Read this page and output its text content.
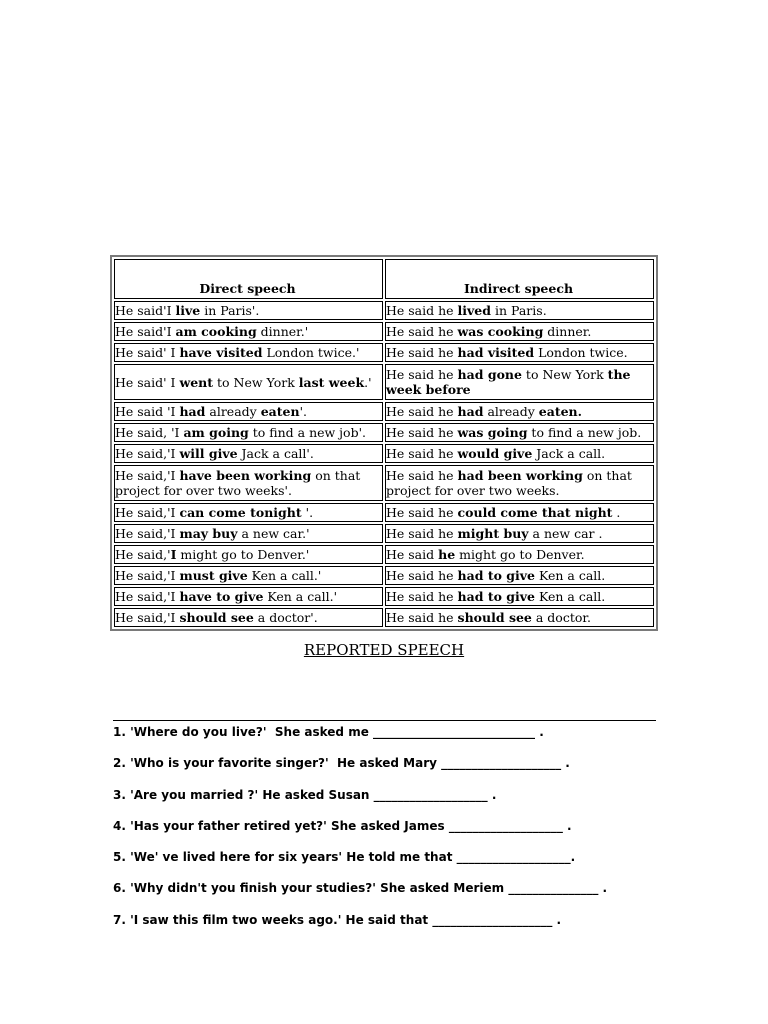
Direct speech	Indirect speech
He said'I live in Paris'.	He said he lived in Paris.
He said'I am cooking dinner.'	He said he was cooking dinner.
He said' I have visited London twice.'	He said he had visited London twice.
He said' I went to New York last week.'	He said he had gone to New York the week before
He said 'I had already eaten'.	He said he had already eaten.
He said, 'I am going to find a new job'.	He said he was going to find a new job.
He said,'I will give Jack a call'.	He said he would give Jack a call.
He said,'I have been working on that project for over two weeks'.	He said he had been working on that project for over two weeks.
He said,'I can come tonight '.	He said he could come that night .
He said,'I may buy a new car.'	He said he might buy a new car .
He said,'I might go to Denver.'	He said he might go to Denver.
He said,'I must give Ken a call.'	He said he had to give Ken a call.
He said,'I have to give Ken a call.'	He said he had to give Ken a call.
He said,'I should see a doctor'.	He said he should see a doctor.
REPORTED SPEECH
1. 'Where do you live?'  She asked me ___________________________ .
2. 'Who is your favorite singer?'  He asked Mary ____________________ .
3. 'Are you married ?' He asked Susan ___________________ .
4. 'Has your father retired yet?' She asked James ___________________ .
5. 'We' ve lived here for six years' He told me that ___________________.
6. 'Why didn't you finish your studies?' She asked Meriem _______________ .
7. 'I saw this film two weeks ago.' He said that ____________________ .
